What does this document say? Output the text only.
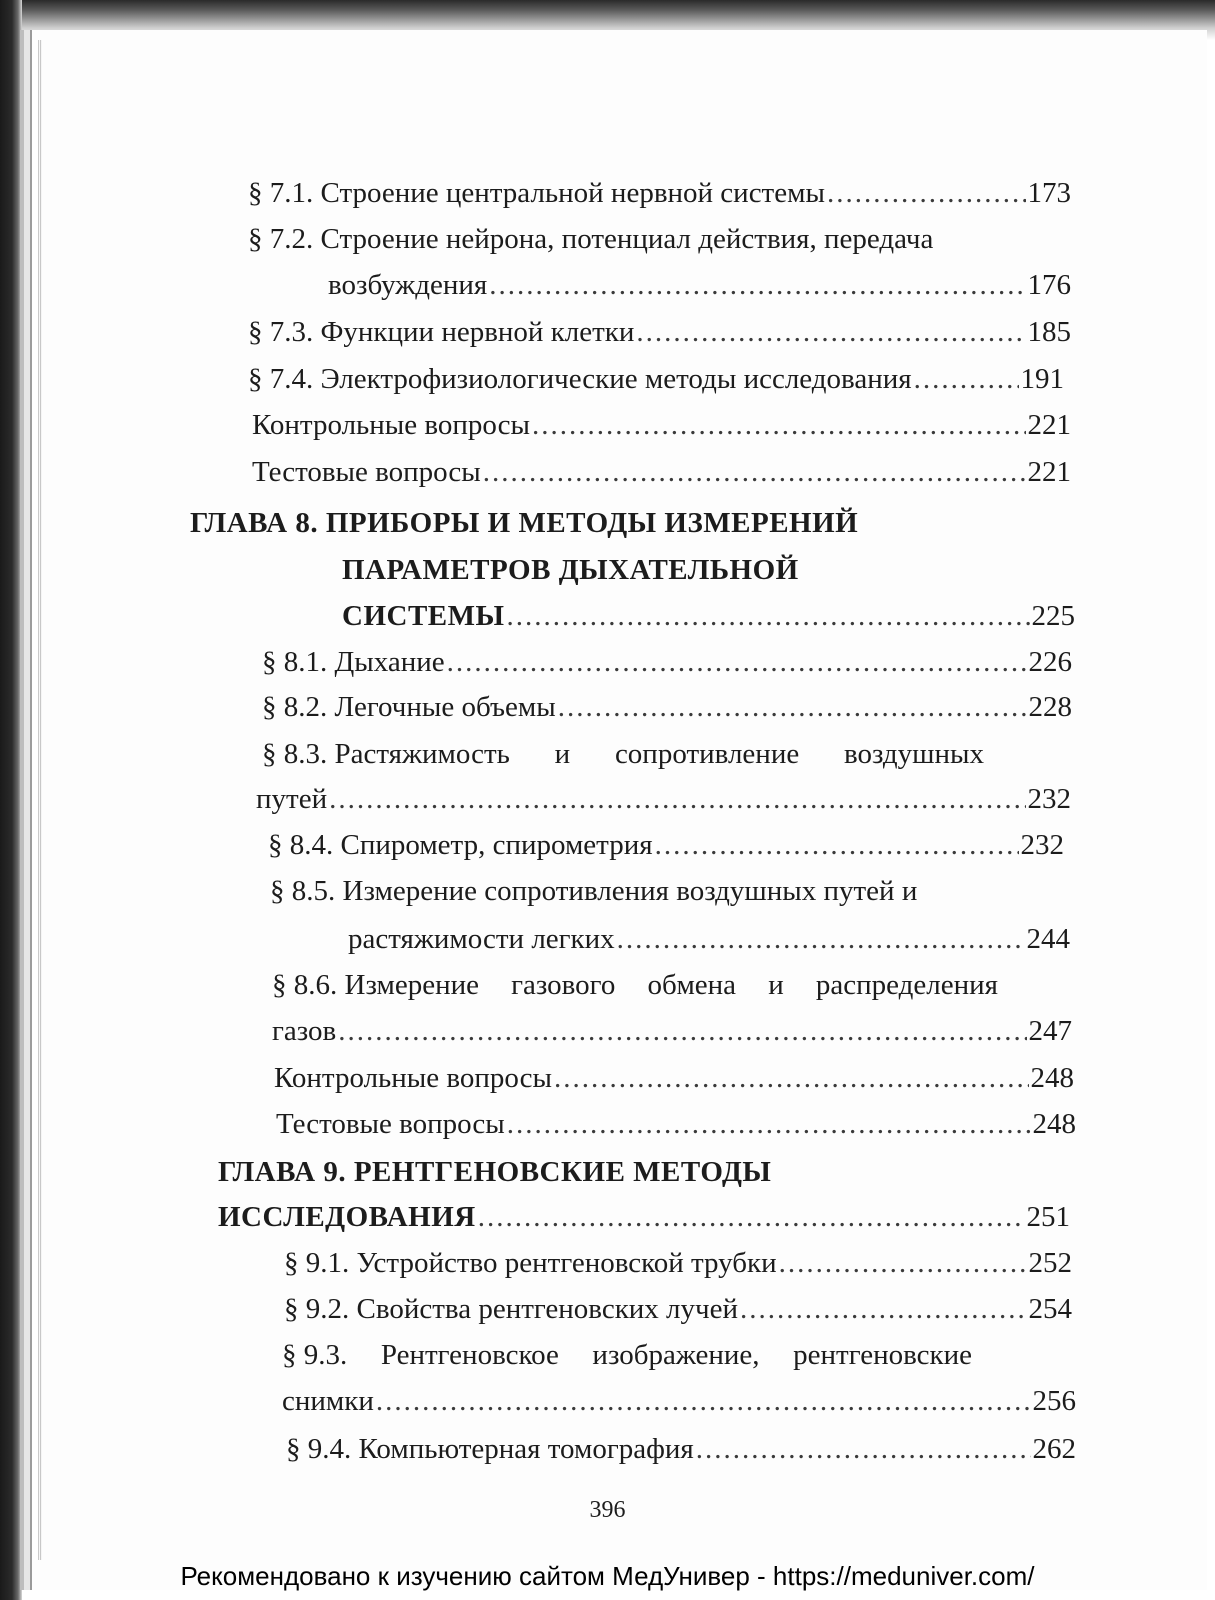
§ 7.1. Строение центральной нервной системы .....	173
§ 7.2. Строение нейрона, потенциал действия, передача
возбуждения .....	176
§ 7.3. Функции нервной клетки .....	185
§ 7.4. Электрофизиологические методы исследования .....	191
Контрольные вопросы .....	221
Тестовые вопросы .....	221
ГЛАВА 8. ПРИБОРЫ И МЕТОДЫ ИЗМЕРЕНИЙ
ПАРАМЕТРОВ ДЫХАТЕЛЬНОЙ
СИСТЕМЫ .....	225
§ 8.1. Дыхание .....	226
§ 8.2. Легочные объемы .....	228
§ 8.3. Растяжимость и сопротивление воздушных
путей .....	232
§ 8.4. Спирометр, спирометрия .....	232
§ 8.5. Измерение сопротивления воздушных путей и
растяжимости легких .....	244
§ 8.6. Измерение газового обмена и распределения
газов .....	247
Контрольные вопросы .....	248
Тестовые вопросы .....	248
ГЛАВА 9. РЕНТГЕНОВСКИЕ МЕТОДЫ
ИССЛЕДОВАНИЯ .....	251
§ 9.1. Устройство рентгеновской трубки .....	252
§ 9.2. Свойства рентгеновских лучей .....	254
§ 9.3. Рентгеновское изображение, рентгеновские
снимки .....	256
§ 9.4. Компьютерная томография .....	262
396
Рекомендовано к изучению сайтом МедУнивер - https://meduniver.com/
